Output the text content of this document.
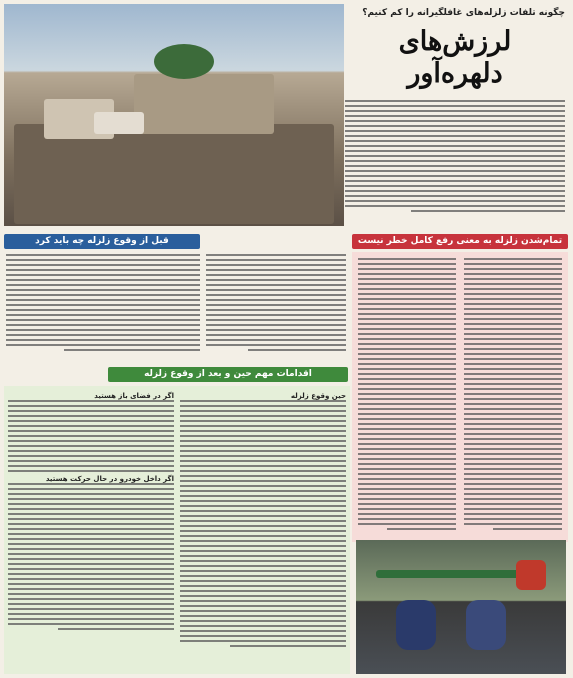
چگونه تلفات زلزله‌های غافلگیرانه را کم کنیم؟
لرزش‌های
دلهره‌آور
قبل از وقوع زلزله چه باید کرد	تمام‌شدن زلزله به معنی رفع کامل خطر نیست
اگر در فضای باز هستید
اگر داخل خودرو در حال حرکت هستید
حین وقوع زلزله
اقدامات مهم حین و بعد از وقوع زلزله
